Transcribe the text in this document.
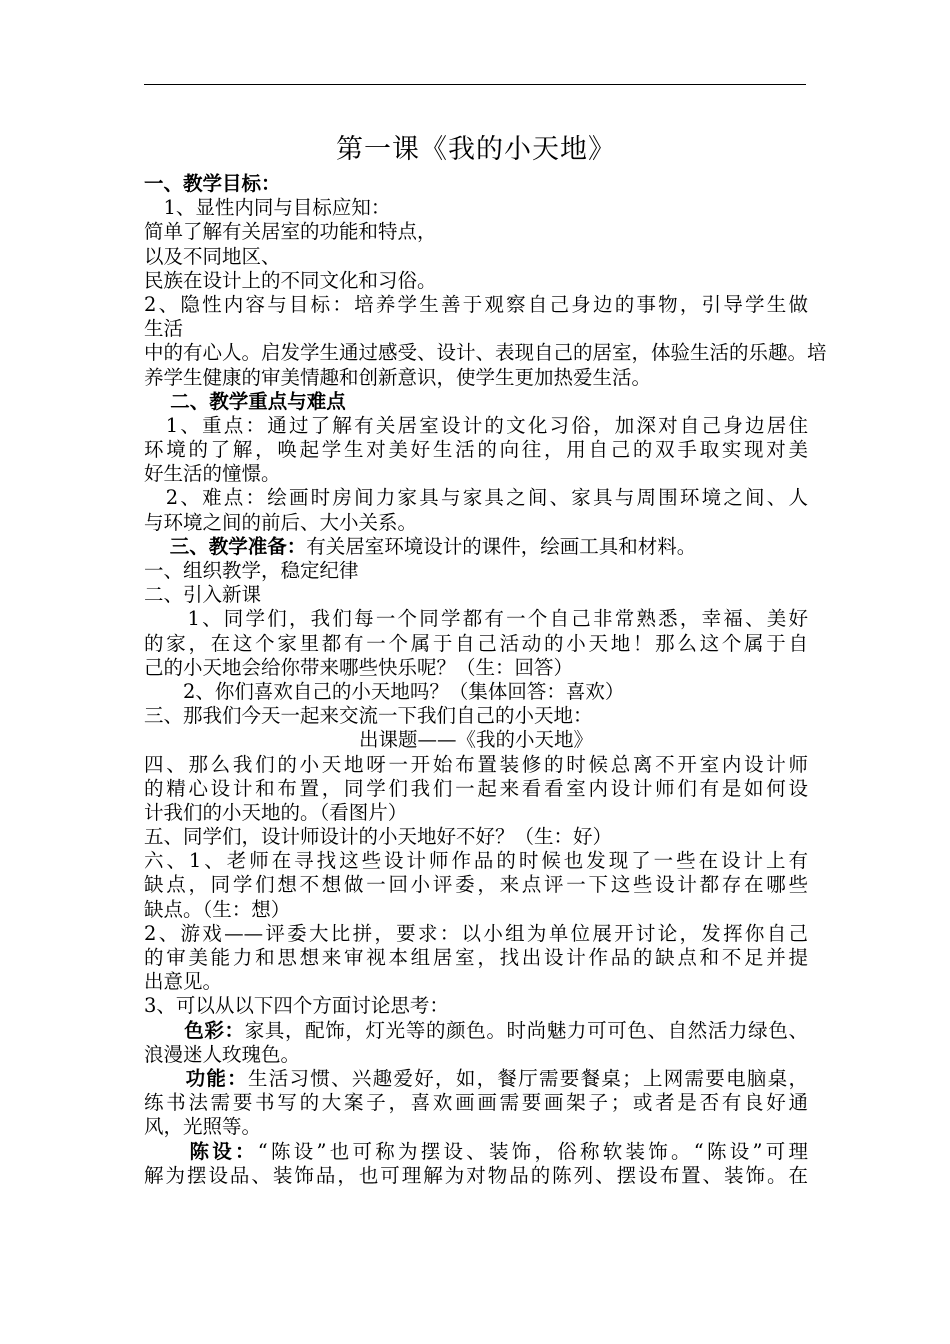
第一课《我的小天地》
一、教学目标：
　1、显性内同与目标应知：
简单了解有关居室的功能和特点，
以及不同地区、
民族在设计上的不同文化和习俗。
2、隐性内容与目标：培养学生善于观察自己身边的事物，引导学生做
生活
中的有心人。启发学生通过感受、设计、表现自己的居室，体验生活的乐趣。培
养学生健康的审美情趣和创新意识，使学生更加热爱生活。
　 二、教学重点与难点
　1、重点：通过了解有关居室设计的文化习俗，加深对自己身边居住
环境的了解，唤起学生对美好生活的向往，用自己的双手取实现对美
好生活的憧憬。
　2、难点：绘画时房间力家具与家具之间、家具与周围环境之间、人
与环境之间的前后、大小关系。
　 三、教学准备：有关居室环境设计的课件，绘画工具和材料。
一、组织教学，稳定纪律
二、引入新课
　　1、同学们，我们每一个同学都有一个自己非常熟悉，幸福、美好
的家，在这个家里都有一个属于自己活动的小天地！那么这个属于自
己的小天地会给你带来哪些快乐呢？（生：回答）
　　2、你们喜欢自己的小天地吗？（集体回答：喜欢）
三、那我们今天一起来交流一下我们自己的小天地：
出课题——《我的小天地》
四、那么我们的小天地呀一开始布置装修的时候总离不开室内设计师
的精心设计和布置，同学们我们一起来看看室内设计师们有是如何设
计我们的小天地的。（看图片）
五、同学们，设计师设计的小天地好不好？（生：好）
六、1、老师在寻找这些设计师作品的时候也发现了一些在设计上有
缺点，同学们想不想做一回小评委，来点评一下这些设计都存在哪些
缺点。（生：想）
2、游戏——评委大比拼，要求：以小组为单位展开讨论，发挥你自己
的审美能力和思想来审视本组居室，找出设计作品的缺点和不足并提
出意见。
3、可以从以下四个方面讨论思考：
　　色彩：家具，配饰，灯光等的颜色。时尚魅力可可色、自然活力绿色、
浪漫迷人玫瑰色。
　　功能：生活习惯、兴趣爱好，如，餐厅需要餐桌；上网需要电脑桌，
练书法需要书写的大案子，喜欢画画需要画架子；或者是否有良好通
风，光照等。
　　陈设：“陈设”也可称为摆设、装饰，俗称软装饰。“陈设”可理
解为摆设品、装饰品，也可理解为对物品的陈列、摆设布置、装饰。在
